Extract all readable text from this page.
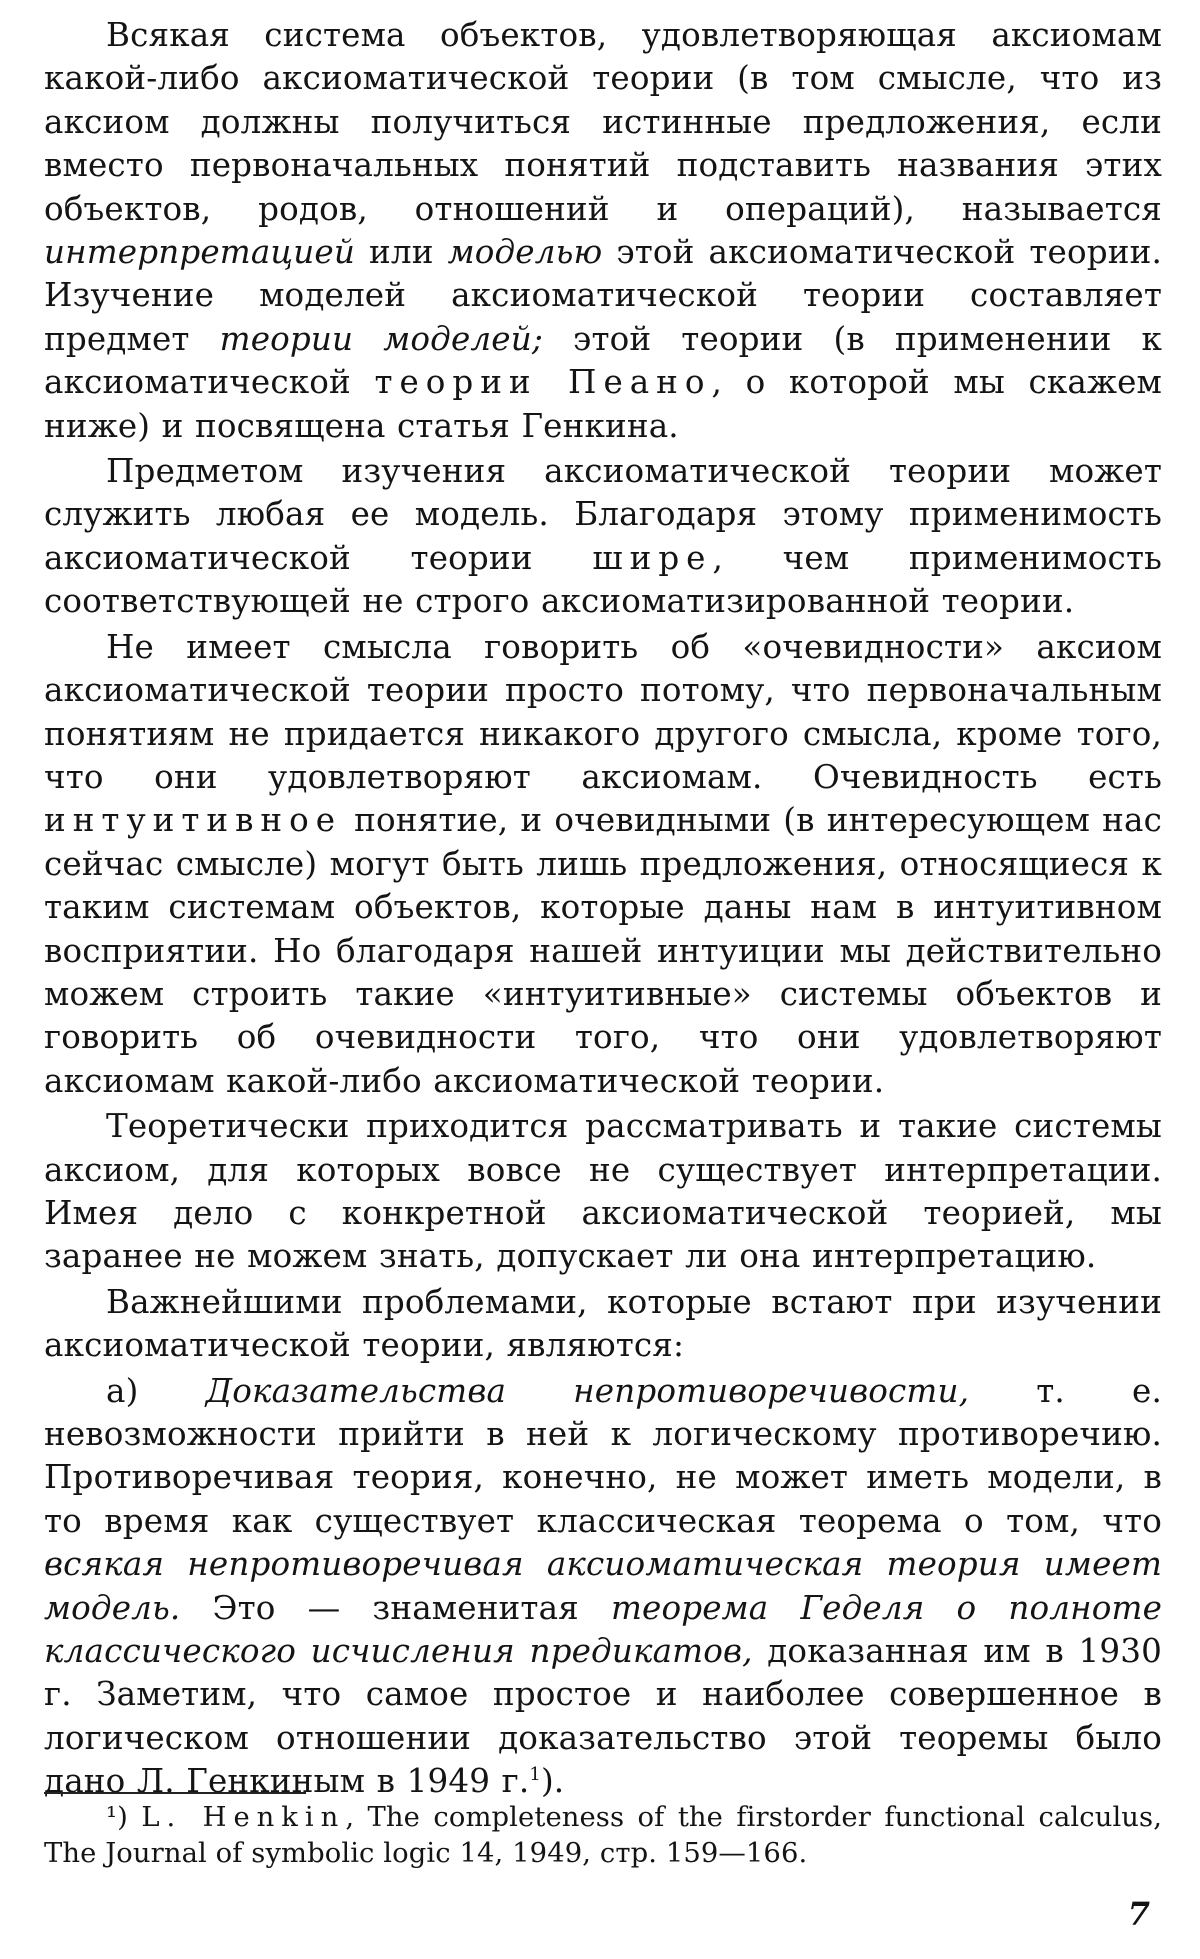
Всякая система объектов, удовлетворяющая аксиомам какой-либо аксиоматической теории (в том смысле, что из аксиом должны получиться истинные предложения, если вместо первоначальных понятий подставить названия этих объектов, родов, отношений и операций), называется интерпретацией или моделью этой аксиоматической теории. Изучение моделей аксиоматической теории составляет предмет теории моделей; этой теории (в применении к аксиоматической теории Пеано, о которой мы скажем ниже) и посвящена статья Генкина.

Предметом изучения аксиоматической теории может служить любая ее модель. Благодаря этому применимость аксиоматической теории шире, чем применимость соответствующей не строго аксиоматизированной теории.

Не имеет смысла говорить об «очевидности» аксиом аксиоматической теории просто потому, что первоначальным понятиям не придается никакого другого смысла, кроме того, что они удовлетворяют аксиомам. Очевидность есть интуитивное понятие, и очевидными (в интересующем нас сейчас смысле) могут быть лишь предложения, относящиеся к таким системам объектов, которые даны нам в интуитивном восприятии. Но благодаря нашей интуиции мы действительно можем строить такие «интуитивные» системы объектов и говорить об очевидности того, что они удовлетворяют аксиомам какой-либо аксиоматической теории.

Теоретически приходится рассматривать и такие системы аксиом, для которых вовсе не существует интерпретации. Имея дело с конкретной аксиоматической теорией, мы заранее не можем знать, допускает ли она интерпретацию.

Важнейшими проблемами, которые встают при изучении аксиоматической теории, являются:

а) Доказательства непротиворечивости, т. е. невозможности прийти в ней к логическому противоречию. Противоречивая теория, конечно, не может иметь модели, в то время как существует классическая теорема о том, что всякая непротиворечивая аксиоматическая теория имеет модель. Это — знаменитая теорема Геделя о полноте классического исчисления предикатов, доказанная им в 1930 г. Заметим, что самое простое и наиболее совершенное в логическом отношении доказательство этой теоремы было дано Л. Генкиным в 1949 г.$^1$).

¹) L. Henkin, The completeness of the firstorder functional calculus, The Journal of symbolic logic 14, 1949, стр. 159—166.

7
